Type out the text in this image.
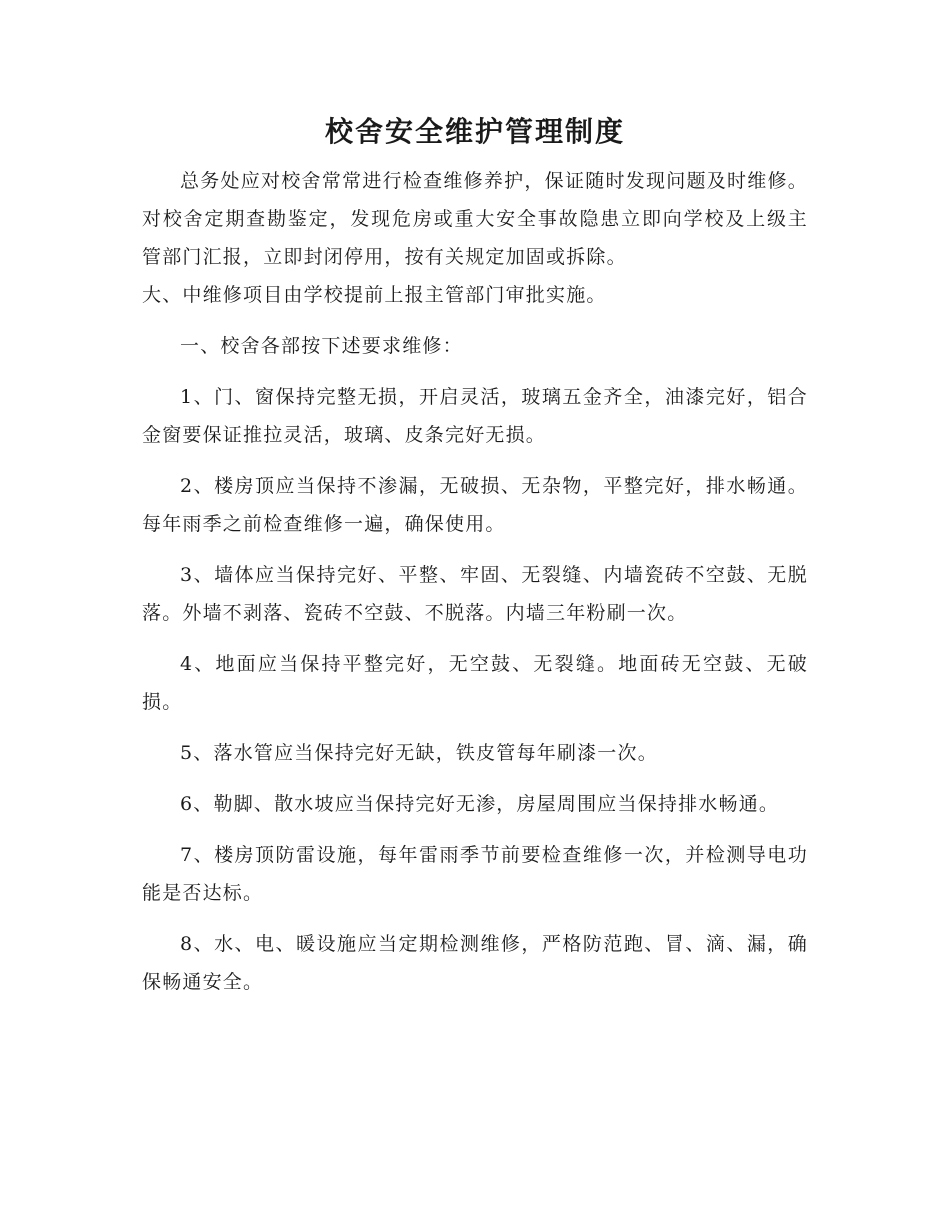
校舍安全维护管理制度

总务处应对校舍常常进行检查维修养护，保证随时发现问题及时维修。对校舍定期查勘鉴定，发现危房或重大安全事故隐患立即向学校及上级主管部门汇报，立即封闭停用，按有关规定加固或拆除。
大、中维修项目由学校提前上报主管部门审批实施。

一、校舍各部按下述要求维修：

1、门、窗保持完整无损，开启灵活，玻璃五金齐全，油漆完好，铝合金窗要保证推拉灵活，玻璃、皮条完好无损。

2、楼房顶应当保持不渗漏，无破损、无杂物，平整完好，排水畅通。每年雨季之前检查维修一遍，确保使用。

3、墙体应当保持完好、平整、牢固、无裂缝、内墙瓷砖不空鼓、无脱落。外墙不剥落、瓷砖不空鼓、不脱落。内墙三年粉刷一次。

4、地面应当保持平整完好，无空鼓、无裂缝。地面砖无空鼓、无破损。

5、落水管应当保持完好无缺，铁皮管每年刷漆一次。

6、勒脚、散水坡应当保持完好无渗，房屋周围应当保持排水畅通。

7、楼房顶防雷设施，每年雷雨季节前要检查维修一次，并检测导电功能是否达标。

8、水、电、暖设施应当定期检测维修，严格防范跑、冒、滴、漏，确保畅通安全。
